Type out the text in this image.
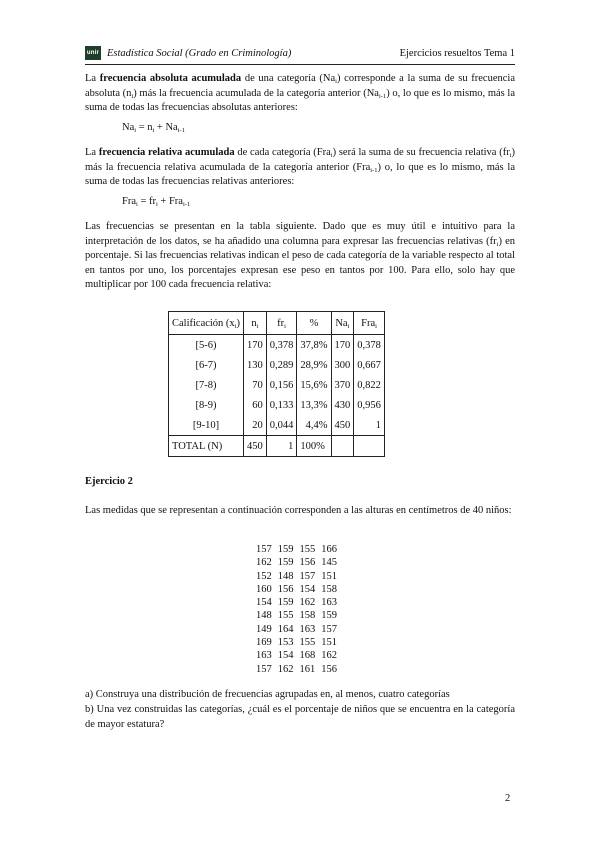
unir Estadística Social (Grado en Criminología)	Ejercicios resueltos Tema 1

La frecuencia absoluta acumulada de una categoría $(Na_i)$ corresponde a la suma de su frecuencia absoluta $(n_i)$ más la frecuencia acumulada de la categoría anterior $(Na_{i-1})$ o, lo que es lo mismo, más la suma de todas las frecuencias absolutas anteriores:

$Na_i = n_i + Na_{i-1}$

La frecuencia relativa acumulada de cada categoría (Fra$_i$) será la suma de su frecuencia relativa $(fr_i)$ más la frecuencia relativa acumulada de la categoría anterior (Fra$_{i-1}$) o, lo que es lo mismo, más la suma de todas las frecuencias relativas anteriores:

$Fra_i = fr_i + Fra_{i-1}$

Las frecuencias se presentan en la tabla siguiente. Dado que es muy útil e intuitivo para la interpretación de los datos, se ha añadido una columna para expresar las frecuencias relativas $(fr_i)$ en porcentaje. Si las frecuencias relativas indican el peso de cada categoría de la variable respecto al total en tantos por uno, los porcentajes expresan ese peso en tantos por 100. Para ello, solo hay que multiplicar por 100 cada frecuencia relativa:

Calificación $(x_i)$	$n_i$	$fr_i$	%	$Na_i$	Fra$_i$
[5-6)	170	0,378	37,8%	170	0,378
[6-7)	130	0,289	28,9%	300	0,667
[7-8)	70	0,156	15,6%	370	0,822
[8-9)	60	0,133	13,3%	430	0,956
[9-10]	20	0,044	4,4%	450	1
TOTAL (N)	450	1	100%		
Ejercicio 2

Las medidas que se representan a continuación corresponden a las alturas en centímetros de 40 niños:

157	159	155	166
162	159	156	145
152	148	157	151
160	156	154	158
154	159	162	163
148	155	158	159
149	164	163	157
169	153	155	151
163	154	168	162
157	162	161	156

a) Construya una distribución de frecuencias agrupadas en, al menos, cuatro categorías

b) Una vez construidas las categorías, ¿cuál es el porcentaje de niños que se encuentra en la categoría de mayor estatura?

2
